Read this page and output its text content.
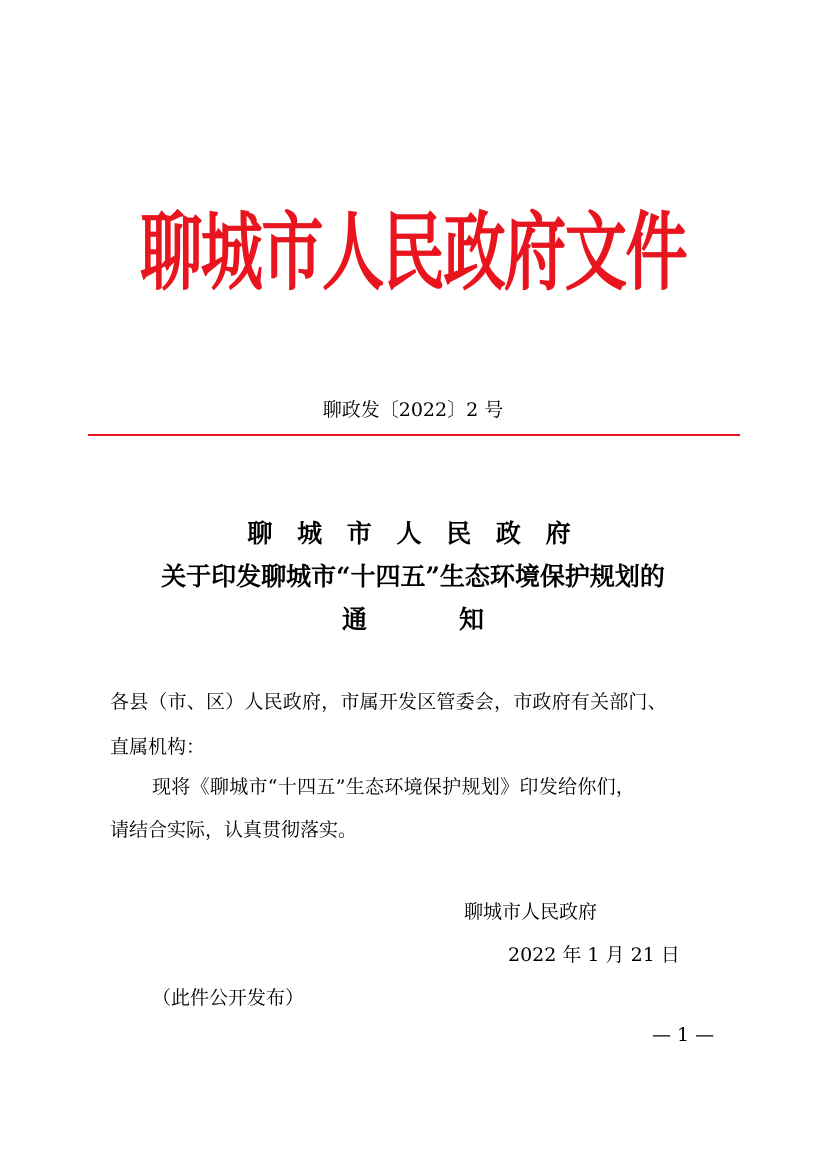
聊城市人民政府文件
聊政发〔2022〕2 号
聊 城 市 人 民 政 府
关于印发聊城市“十四五”生态环境保护规划的
通	知
各县（市、区）人民政府，市属开发区管委会，市政府有关部门、
直属机构：
现将《聊城市“十四五”生态环境保护规划》印发给你们，
请结合实际，认真贯彻落实。
聊城市人民政府
2022 年 1 月 21 日
（此件公开发布）
— 1 —
